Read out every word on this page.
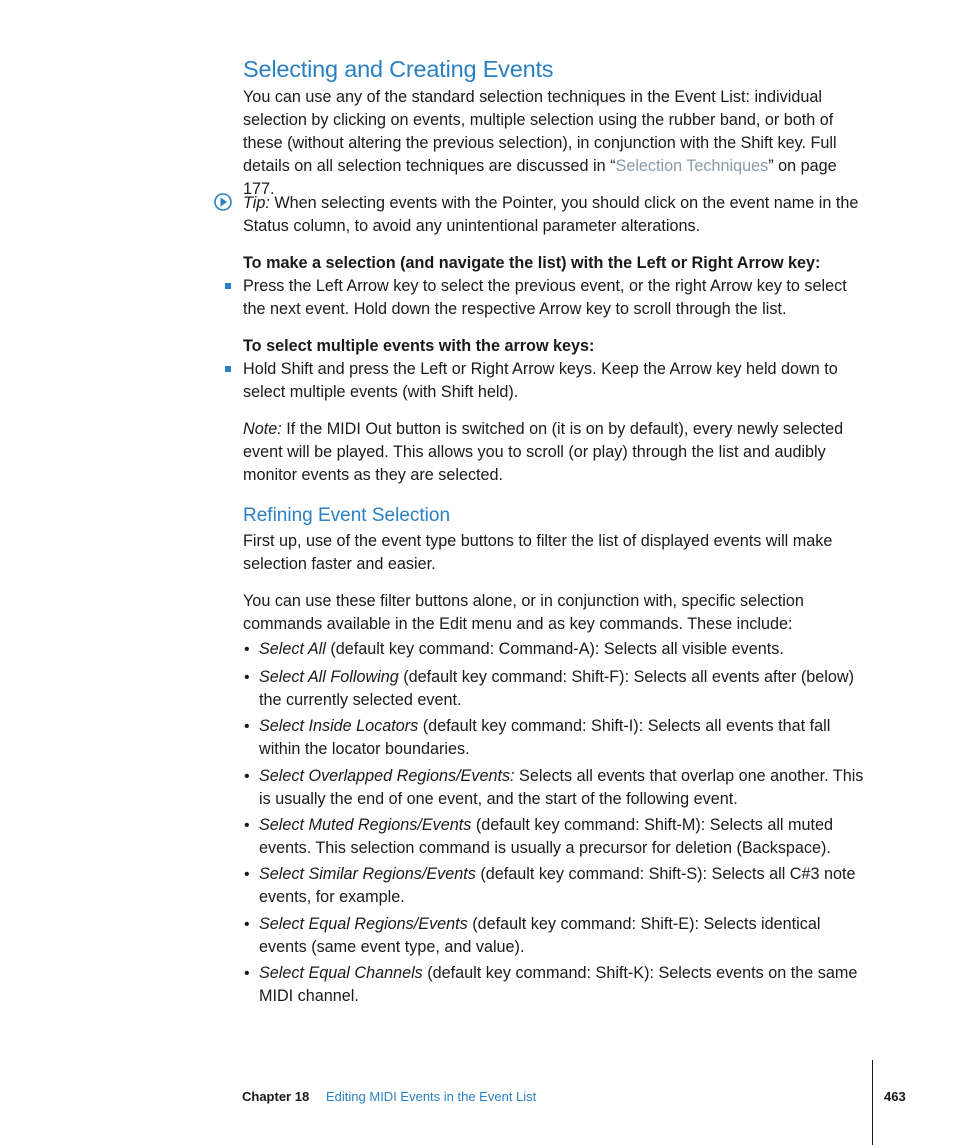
Selecting and Creating Events

You can use any of the standard selection techniques in the Event List: individual selection by clicking on events, multiple selection using the rubber band, or both of these (without altering the previous selection), in conjunction with the Shift key. Full details on all selection techniques are discussed in “Selection Techniques” on page 177.

Tip: When selecting events with the Pointer, you should click on the event name in the Status column, to avoid any unintentional parameter alterations.

To make a selection (and navigate the list) with the Left or Right Arrow key:

Press the Left Arrow key to select the previous event, or the right Arrow key to select the next event. Hold down the respective Arrow key to scroll through the list.

To select multiple events with the arrow keys:

Hold Shift and press the Left or Right Arrow keys. Keep the Arrow key held down to select multiple events (with Shift held).

Note: If the MIDI Out button is switched on (it is on by default), every newly selected event will be played. This allows you to scroll (or play) through the list and audibly monitor events as they are selected.

Refining Event Selection

First up, use of the event type buttons to filter the list of displayed events will make selection faster and easier.

You can use these filter buttons alone, or in conjunction with, specific selection commands available in the Edit menu and as key commands. These include:

• Select All (default key command: Command-A): Selects all visible events.

• Select All Following (default key command: Shift-F): Selects all events after (below) the currently selected event.

• Select Inside Locators (default key command: Shift-I): Selects all events that fall within the locator boundaries.

• Select Overlapped Regions/Events: Selects all events that overlap one another. This is usually the end of one event, and the start of the following event.

• Select Muted Regions/Events (default key command: Shift-M): Selects all muted events. This selection command is usually a precursor for deletion (Backspace).

• Select Similar Regions/Events (default key command: Shift-S): Selects all C#3 note events, for example.

• Select Equal Regions/Events (default key command: Shift-E): Selects identical events (same event type, and value).

• Select Equal Channels (default key command: Shift-K): Selects events on the same MIDI channel.

Chapter 18 Editing MIDI Events in the Event List	463
